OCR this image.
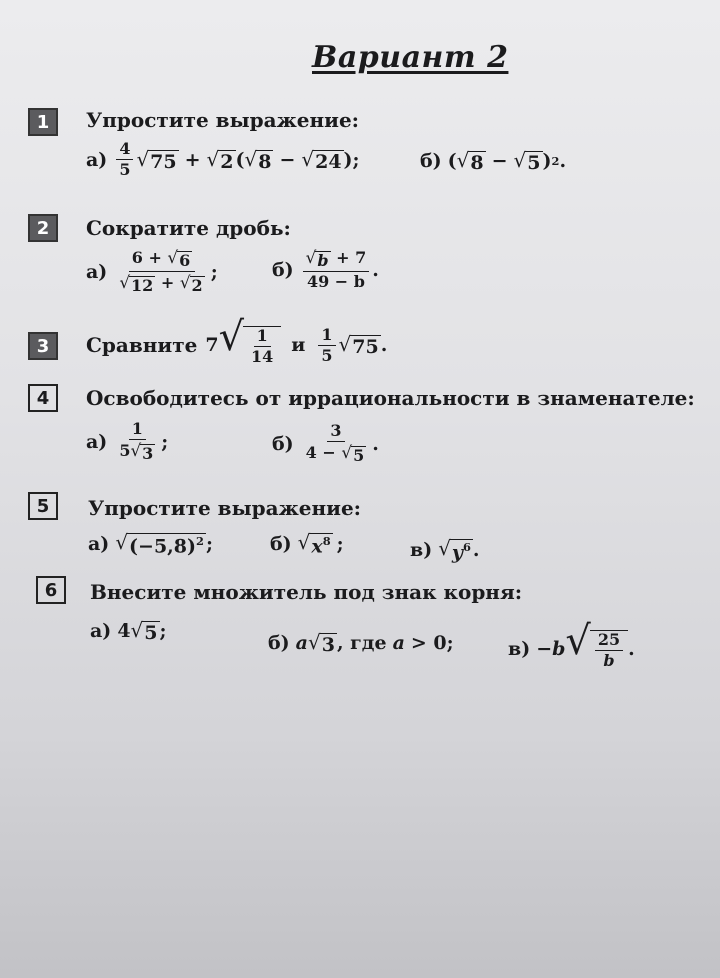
Вариант 2
1	Упростите выражение:
$а) \frac{4}{5}$ √ 75 + √ 2 ( √ 8 − √ 24 );	б) ( √ 8 − √ 5 ) 2 .
2	Сократите дробь:
$а) \frac{6 + √ 6}{√ 12 + √ 2}$ ;	$б) \frac{√ b + 7}{49 - b}$ .
3	Сравните 7 √ $\frac{1}{14}$ и $\frac{1}{5}$ √ 75 .
4	Освободитесь от иррациональности в знаменателе:
$а) \frac{1}{5 √ 3}$ ;	$б) \frac{3}{4 - √ 5}$ .
5	Упростите выражение:
а) √ $(-5,8)^2$ ;	б) √ $x^8$ ;	в) √ $y^6$ .
6	Внесите множитель под знак корня:
а) 4 √ 5 ;
б) a √ 3 , где a > 0;	в) − b √ $\frac{25}{b}$ .
